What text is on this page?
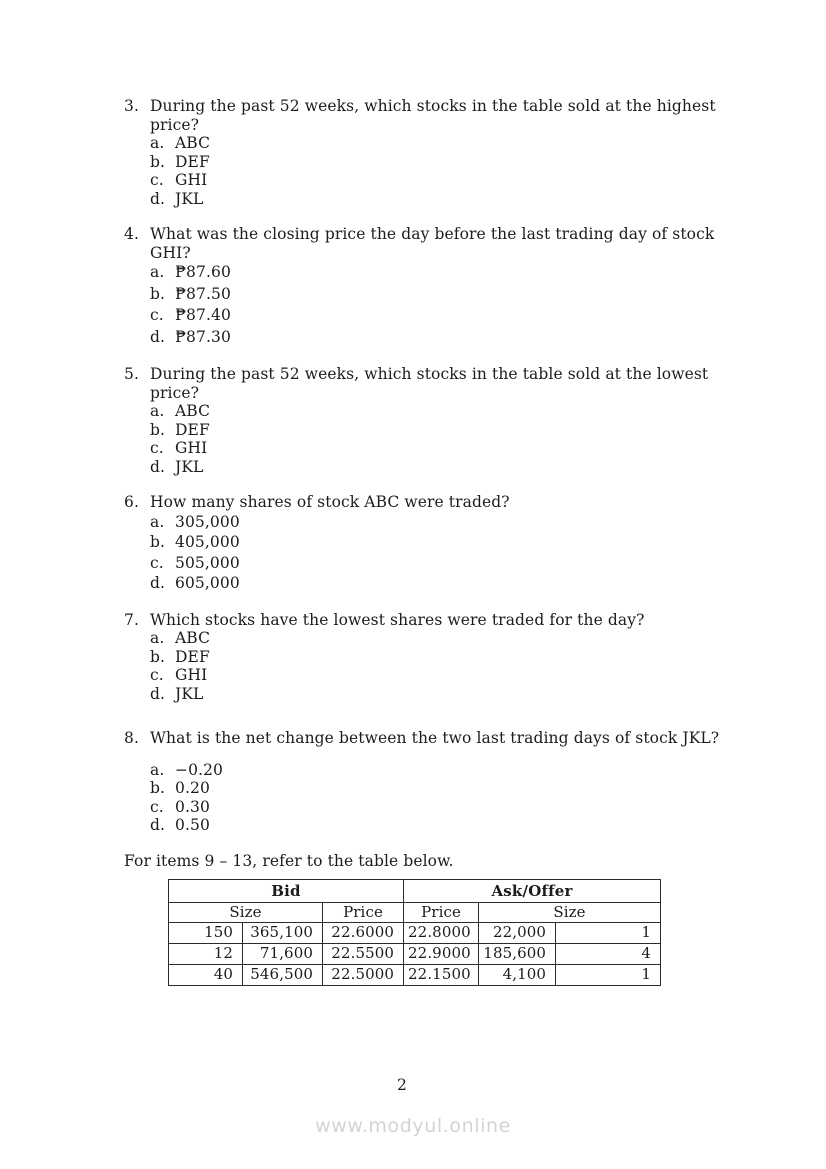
3. During the past 52 weeks, which stocks in the table sold at the highest
price?
a. ABC
b. DEF
c. GHI
d. JKL
4. What was the closing price the day before the last trading day of stock
GHI?
a. ₱87.60
b. ₱87.50
c. ₱87.40
d. ₱87.30
5. During the past 52 weeks, which stocks in the table sold at the lowest
price?
a. ABC
b. DEF
c. GHI
d. JKL
6. How many shares of stock ABC were traded?
a. 305,000
b. 405,000
c. 505,000
d. 605,000
7. Which stocks have the lowest shares were traded for the day?
a. ABC
b. DEF
c. GHI
d. JKL
8. What is the net change between the two last trading days of stock JKL?
a. −0.20
b. 0.20
c. 0.30
d. 0.50
For items 9 – 13, refer to the table below.
Bid			Ask/Offer		
Size		Price	Price	Size	
150	365,100	22.6000	22.8000	22,000	1
12	71,600	22.5500	22.9000	185,600	4
40	546,500	22.5000	22.1500	4,100	1
2
www.modyul.online
